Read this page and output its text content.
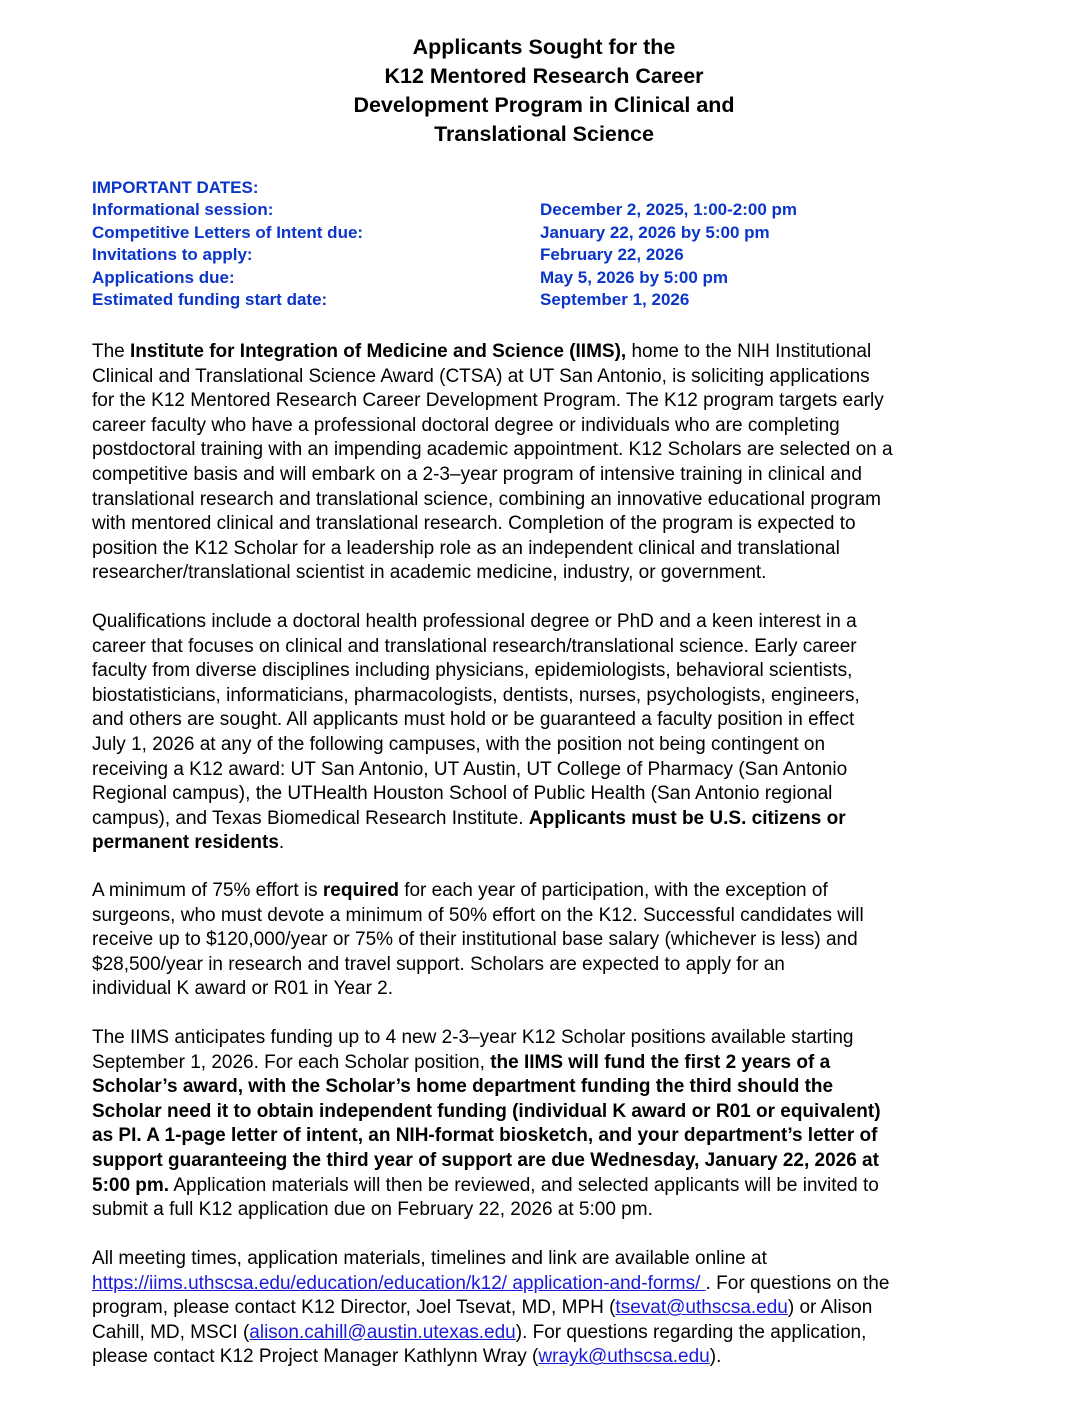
Applicants Sought for the
K12 Mentored Research Career
Development Program in Clinical and
Translational Science
IMPORTANT DATES:
Informational session:	December 2, 2025, 1:00-2:00 pm
Competitive Letters of Intent due:	January 22, 2026 by 5:00 pm
Invitations to apply:	February 22, 2026
Applications due:	May 5, 2026 by 5:00 pm
Estimated funding start date:	September 1, 2026
The Institute for Integration of Medicine and Science (IIMS), home to the NIH Institutional
Clinical and Translational Science Award (CTSA) at UT San Antonio, is soliciting applications
for the K12 Mentored Research Career Development Program. The K12 program targets early
career faculty who have a professional doctoral degree or individuals who are completing
postdoctoral training with an impending academic appointment. K12 Scholars are selected on a
competitive basis and will embark on a 2-3–year program of intensive training in clinical and
translational research and translational science, combining an innovative educational program
with mentored clinical and translational research. Completion of the program is expected to
position the K12 Scholar for a leadership role as an independent clinical and translational
researcher/translational scientist in academic medicine, industry, or government.
Qualifications include a doctoral health professional degree or PhD and a keen interest in a
career that focuses on clinical and translational research/translational science. Early career
faculty from diverse disciplines including physicians, epidemiologists, behavioral scientists,
biostatisticians, informaticians, pharmacologists, dentists, nurses, psychologists, engineers,
and others are sought. All applicants must hold or be guaranteed a faculty position in effect
July 1, 2026 at any of the following campuses, with the position not being contingent on
receiving a K12 award: UT San Antonio, UT Austin, UT College of Pharmacy (San Antonio
Regional campus), the UTHealth Houston School of Public Health (San Antonio regional
campus), and Texas Biomedical Research Institute. Applicants must be U.S. citizens or
permanent residents.
A minimum of 75% effort is required for each year of participation, with the exception of
surgeons, who must devote a minimum of 50% effort on the K12. Successful candidates will
receive up to $120,000/year or 75% of their institutional base salary (whichever is less) and
$28,500/year in research and travel support. Scholars are expected to apply for an
individual K award or R01 in Year 2.
The IIMS anticipates funding up to 4 new 2-3–year K12 Scholar positions available starting
September 1, 2026. For each Scholar position, the IIMS will fund the first 2 years of a
Scholar’s award, with the Scholar’s home department funding the third should the
Scholar need it to obtain independent funding (individual K award or R01 or equivalent)
as PI. A 1-page letter of intent, an NIH-format biosketch, and your department’s letter of
support guaranteeing the third year of support are due Wednesday, January 22, 2026 at
5:00 pm. Application materials will then be reviewed, and selected applicants will be invited to
submit a full K12 application due on February 22, 2026 at 5:00 pm.
All meeting times, application materials, timelines and link are available online at
https://iims.uthscsa.edu/education/education/k12/ application-and-forms/ . For questions on the
program, please contact K12 Director, Joel Tsevat, MD, MPH (tsevat@uthscsa.edu) or Alison
Cahill, MD, MSCI (alison.cahill@austin.utexas.edu). For questions regarding the application,
please contact K12 Project Manager Kathlynn Wray (wrayk@uthscsa.edu).
